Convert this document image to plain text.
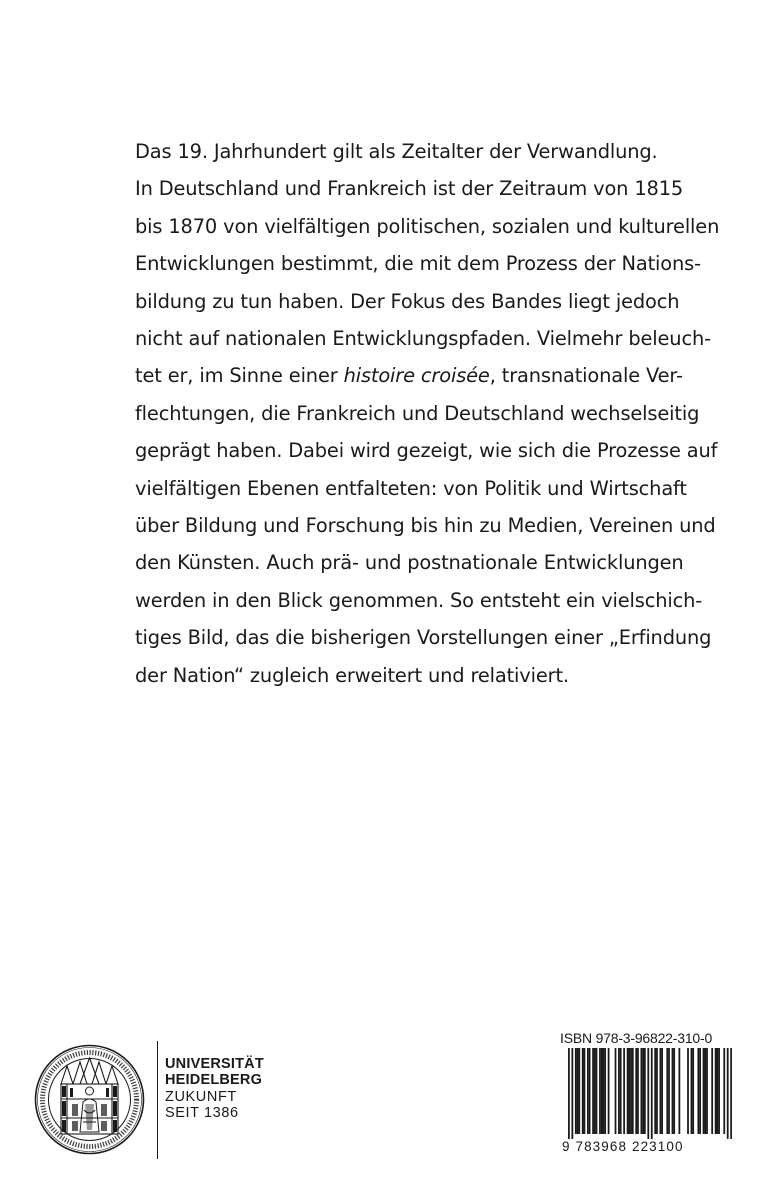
Das 19. Jahrhundert gilt als Zeitalter der Verwandlung.
In Deutschland und Frankreich ist der Zeitraum von 1815
bis 1870 von vielfältigen politischen, sozialen und kulturellen
Entwicklungen bestimmt, die mit dem Prozess der Nations-
bildung zu tun haben. Der Fokus des Bandes liegt jedoch
nicht auf nationalen Entwicklungspfaden. Vielmehr beleuch-
tet er, im Sinne einer histoire croisée, transnationale Ver-
flechtungen, die Frankreich und Deutschland wechselseitig
geprägt haben. Dabei wird gezeigt, wie sich die Prozesse auf
vielfältigen Ebenen entfalteten: von Politik und Wirtschaft
über Bildung und Forschung bis hin zu Medien, Vereinen und
den Künsten. Auch prä- und postnationale Entwicklungen
werden in den Blick genommen. So entsteht ein vielschich-
tiges Bild, das die bisherigen Vorstellungen einer „Erfindung
der Nation“ zugleich erweitert und relativiert.
UNIVERSITÄT
HEIDELBERG
ZUKUNFT
SEIT 1386
ISBN 978-3-96822-310-0
9 783968 223100
